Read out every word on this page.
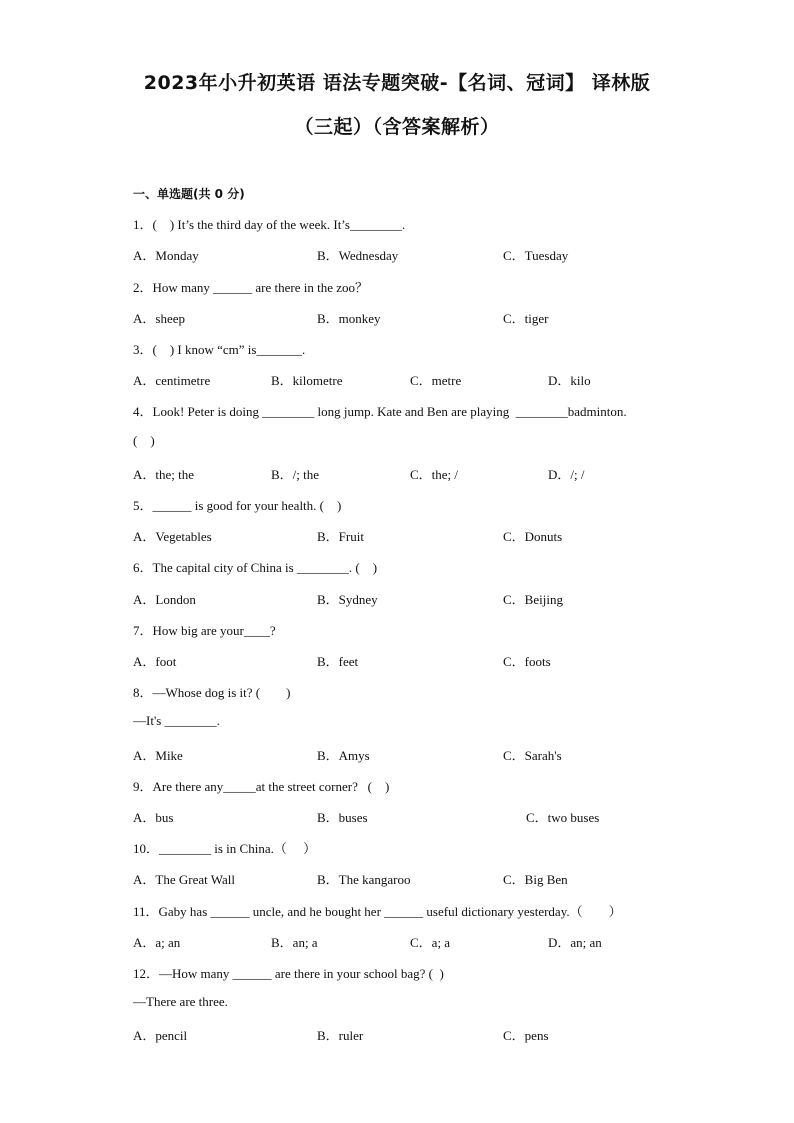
2023年小升初英语 语法专题突破-【名词、冠词】 译林版
（三起）（含答案解析）
一、单选题(共 0 分)
1．(    ) It’s the third day of the week. It’s________.
A．Monday	B．Wednesday	C．Tuesday
2．How many ______ are there in the zoo？
A．sheep	B．monkey	C．tiger
3．(    ) I know “cm” is_______.
A．centimetre	B．kilometre	C．metre	D．kilo
4．Look! Peter is doing ________ long jump. Kate and Ben are playing  ________badminton.
(    )
A．the; the	B．/; the	C．the; /	D．/; /
5．______ is good for your health. (    )
A．Vegetables	B．Fruit	C．Donuts
6．The capital city of China is ________. (    )
A．London	B．Sydney	C．Beijing
7．How big are your____?
A．foot	B．feet	C．foots
8．—Whose dog is it? (        )
—It's ________.
A．Mike	B．Amys	C．Sarah's
9．Are there any_____at the street corner?   (    )
A．bus	B．buses	C．two buses
10．________ is in China.（     ）
A．The Great Wall	B．The kangaroo	C．Big Ben
11．Gaby has ______ uncle, and he bought her ______ useful dictionary yesterday.（        ）
A．a; an	B．an; a	C．a; a	D．an; an
12．—How many ______ are there in your school bag? (  )
—There are three.
A．pencil	B．ruler	C．pens
